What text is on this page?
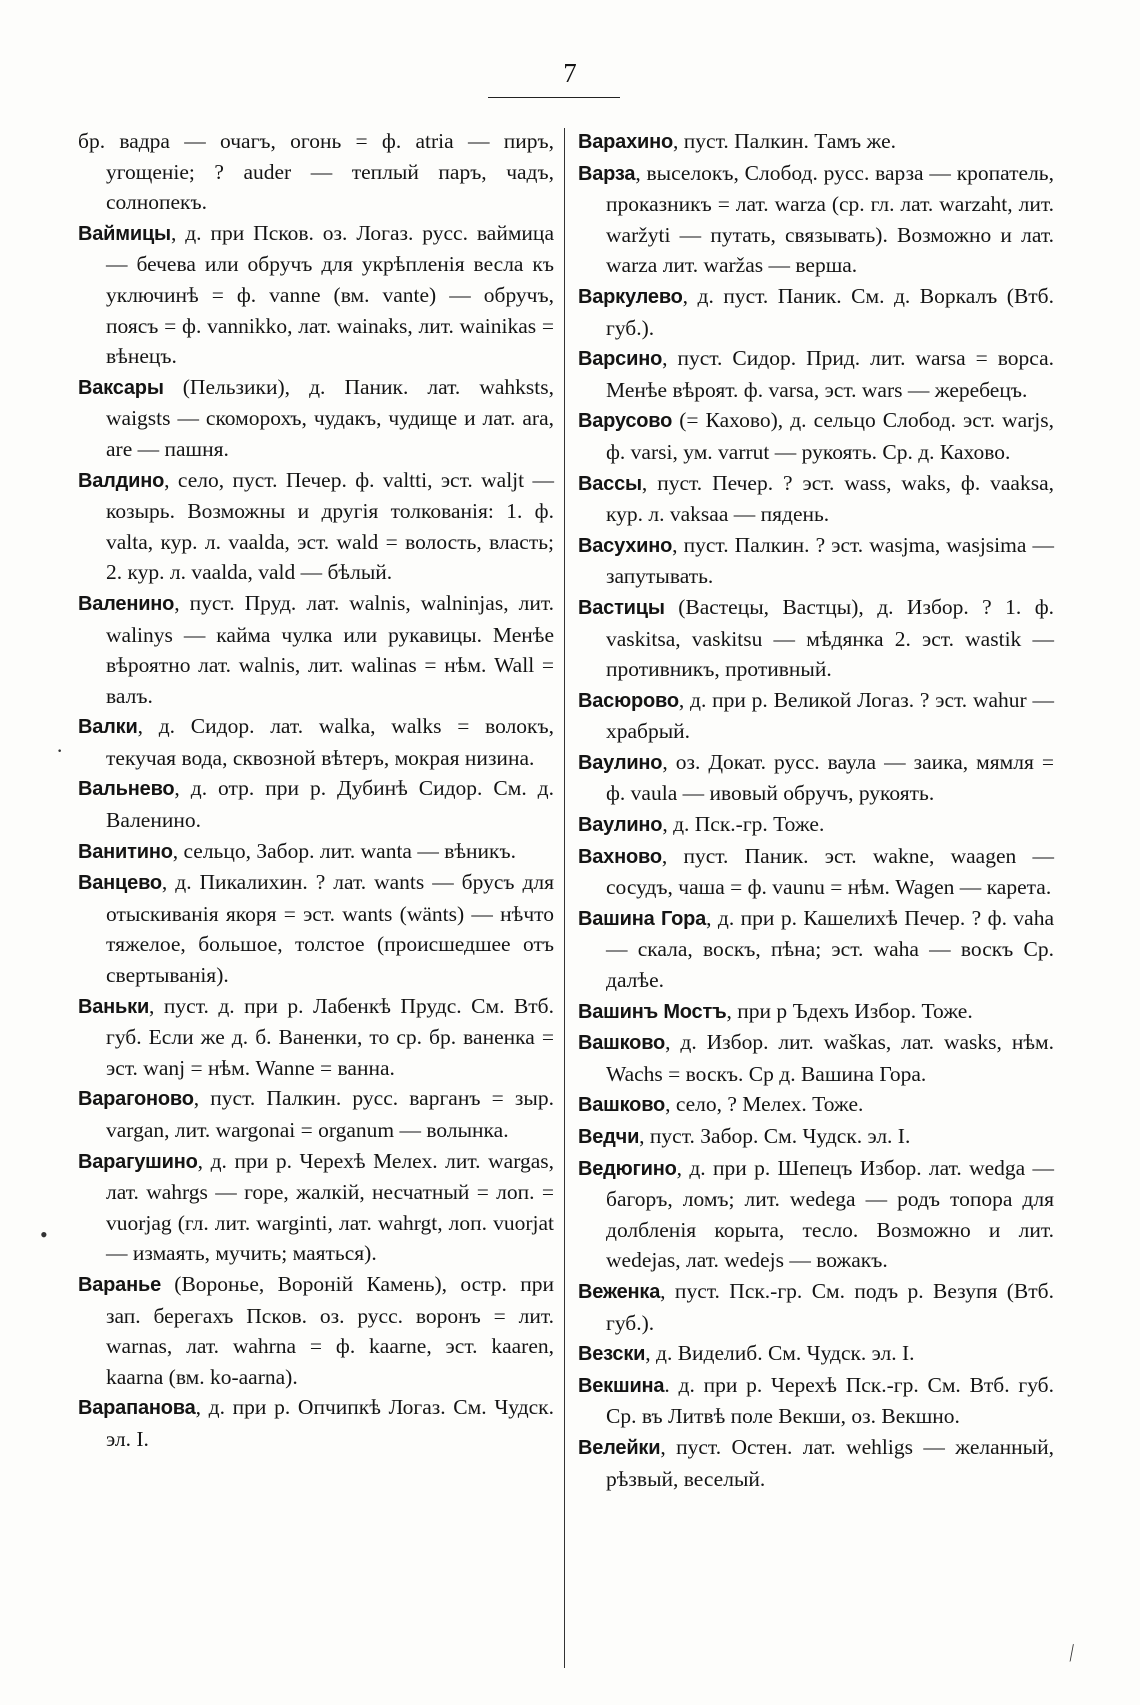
7

бр. вадра — очагъ, огонь = ф. atria — пиръ, угощеніе; ? auder — теплый паръ, чадъ, солнопекъ.

Ваймицы, д. при Псков. оз. Логаз. русс. ваймица — бечева или обручъ для укрѣпленія весла къ уключинѣ = ф. vanne (вм. vante) — обручъ, поясъ = ф. vannikko, лат. wainaks, лит. wainikas = вѣнецъ.

Ваксары (Пельзики), д. Паник. лат. wahksts, waigsts — скоморохъ, чудакъ, чудище и лат. ara, are — пашня.

Валдино, село, пуст. Печер. ф. valtti, эст. waljt — козырь. Возможны и другія толкованія: 1. ф. valta, кур. л. vaalda, эст. wald = волость, власть; 2. кур. л. vaalda, vald — бѣлый.

Валенино, пуст. Пруд. лат. walnis, walninjas, лит. walinys — кайма чулка или рукавицы. Менѣе вѣроятно лат. walnis, лит. walinas = нѣм. Wall = валъ.

Валки, д. Сидор. лат. walka, walks = волокъ, текучая вода, сквозной вѣтеръ, мокрая низина.

Вальнево, д. отр. при р. Дубинѣ Сидор. См. д. Валенино.

Ванитино, сельцо, Забор. лит. wanta — вѣникъ.

Ванцево, д. Пикалихин. ? лат. wants — брусъ для отыскиванія якоря = эст. wants (wänts) — нѣчто тяжелое, большое, толстое (происшедшее отъ свертыванія).

Ваньки, пуст. д. при р. Лабенкѣ Прудс. См. Втб. губ. Если же д. б. Ваненки, то ср. бр. ваненка = эст. wanj = нѣм. Wanne = ванна.

Варагоново, пуст. Палкин. русс. варганъ = зыр. vargan, лит. wargonai = organum — волынка.

Варагушино, д. при р. Черехѣ Мелех. лит. wargas, лат. wahrgs — горе, жалкій, несчатный = лоп. = vuorjag (гл. лит. warginti, лат. wahrgt, лоп. vuorjat — измаять, мучить; маяться).

Варанье (Воронье, Вороній Камень), остр. при зап. берегахъ Псков. оз. русс. воронъ = лит. warnas, лат. wahrna = ф. kaarne, эст. kaaren, kaarna (вм. ko-aarna).

Варапанова, д. при р. Опчипкѣ Логаз. См. Чудск. эл. I.

Варахино, пуст. Палкин. Тамъ же.

Варза, выселокъ, Слобод. русс. варза — кропатель, проказникъ = лат. warza (ср. гл. лат. warzaht, лит. waržyti — путать, связывать). Возможно и лат. warza лит. waržas — верша.

Варкулево, д. пуст. Паник. См. д. Воркалъ (Втб. губ.).

Варсино, пуст. Сидор. Прид. лит. warsa = ворса. Менѣе вѣроят. ф. varsa, эст. wars — жеребецъ.

Варусово (= Кахово), д. сельцо Слобод. эст. warjs, ф. varsi, ум. varrut — рукоять. Ср. д. Кахово.

Вассы, пуст. Печер. ? эст. wass, waks, ф. vaaksa, кур. л. vaksaa — пядень.

Васухино, пуст. Палкин. ? эст. wasjma, wasjsima — запутывать.

Вастицы (Вастецы, Вастцы), д. Избор. ? 1. ф. vaskitsa, vaskitsu — мѣдянка 2. эст. wastik — противникъ, противный.

Васюрово, д. при р. Великой Логаз. ? эст. wahur — храбрый.

Ваулино, оз. Докат. русс. ваула — заика, мямля = ф. vaula — ивовый обручъ, рукоять.

Ваулино, д. Пск.-гр. Тоже.

Вахново, пуст. Паник. эст. wakne, waagen — сосудъ, чаша = ф. vaunu = нѣм. Wagen — карета.

Вашина Гора, д. при р. Кашелихѣ Печер. ? ф. vaha — скала, воскъ, пѣна; эст. waha — воскъ Ср. далѣе.

Вашинъ Мостъ, при р Ъдехъ Избор. Тоже.

Вашково, д. Избор. лит. waškas, лат. wasks, нѣм. Wachs = воскъ. Ср д. Вашина Гора.

Вашково, село, ? Мелех. Тоже.

Ведчи, пуст. Забор. См. Чудск. эл. I.

Ведюгино, д. при р. Шепецъ Избор. лат. wedga — багоръ, ломъ; лит. wedega — родъ топора для долбленія корыта, тесло. Возможно и лит. wedejas, лат. wedejs — вожакъ.

Веженка, пуст. Пск.-гр. См. подъ р. Везупя (Втб. губ.).

Везски, д. Виделиб. См. Чудск. эл. I.

Векшина. д. при р. Черехѣ Пск.-гр. См. Втб. губ. Ср. въ Литвѣ поле Векши, оз. Векшно.

Велейки, пуст. Остен. лат. wehligs — желанный, рѣзвый, веселый.

·
•
⁄
